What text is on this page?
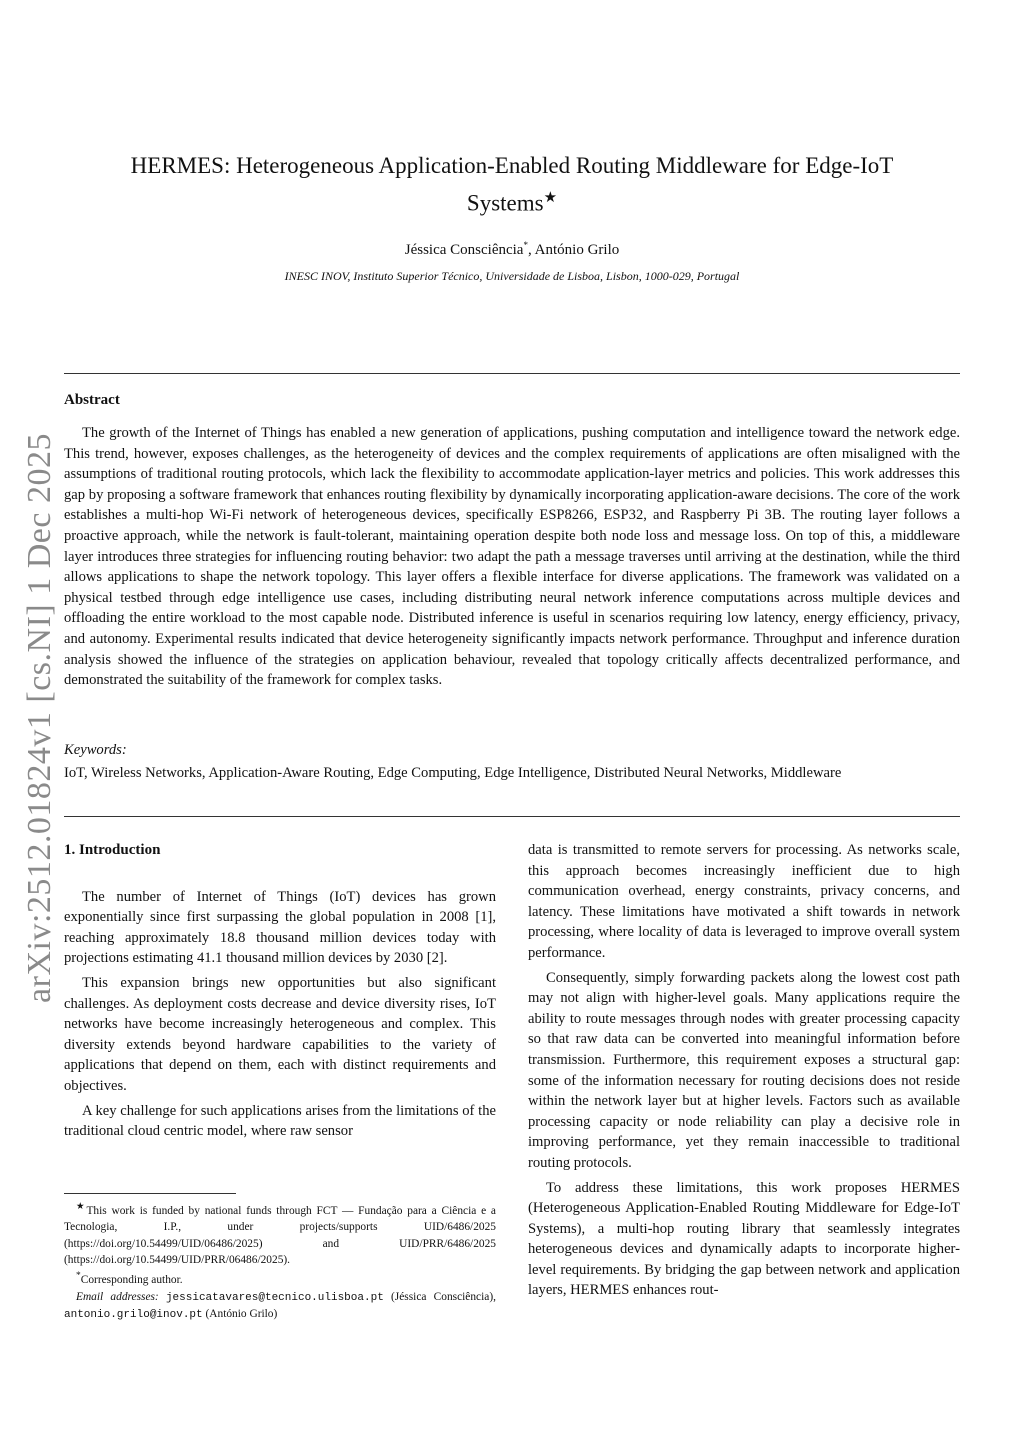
arXiv:2512.01824v1 [cs.NI] 1 Dec 2025
HERMES: Heterogeneous Application-Enabled Routing Middleware for Edge-IoT
Systems★
Jéssica Consciência*, António Grilo
INESC INOV, Instituto Superior Técnico, Universidade de Lisboa, Lisbon, 1000-029, Portugal
Abstract

The growth of the Internet of Things has enabled a new generation of applications, pushing computation and intelligence toward the network edge. This trend, however, exposes challenges, as the heterogeneity of devices and the complex requirements of applications are often misaligned with the assumptions of traditional routing protocols, which lack the flexibility to accommodate application-layer metrics and policies. This work addresses this gap by proposing a software framework that enhances routing flexibility by dynamically incorporating application-aware decisions. The core of the work establishes a multi-hop Wi-Fi network of heterogeneous devices, specifically ESP8266, ESP32, and Raspberry Pi 3B. The routing layer follows a proactive approach, while the network is fault-tolerant, maintaining operation despite both node loss and message loss. On top of this, a middleware layer introduces three strategies for influencing routing behavior: two adapt the path a message traverses until arriving at the destination, while the third allows applications to shape the network topology. This layer offers a flexible interface for diverse applications. The framework was validated on a physical testbed through edge intelligence use cases, including distributing neural network inference computations across multiple devices and offloading the entire workload to the most capable node. Distributed inference is useful in scenarios requiring low latency, energy efficiency, privacy, and autonomy. Experimental results indicated that device heterogeneity significantly impacts network performance. Throughput and inference duration analysis showed the influence of the strategies on application behaviour, revealed that topology critically affects decentralized performance, and demonstrated the suitability of the framework for complex tasks.

Keywords:

IoT, Wireless Networks, Application-Aware Routing, Edge Computing, Edge Intelligence, Distributed Neural Networks, Middleware

1. Introduction

The number of Internet of Things (IoT) devices has grown exponentially since first surpassing the global population in 2008 [1], reaching approximately 18.8 thousand million devices today with projections estimating 41.1 thousand million devices by 2030 [2].

This expansion brings new opportunities but also significant challenges. As deployment costs decrease and device diversity rises, IoT networks have become increasingly heterogeneous and complex. This diversity extends beyond hardware capabilities to the variety of applications that depend on them, each with distinct requirements and objectives.

A key challenge for such applications arises from the limitations of the traditional cloud centric model, where raw sensor

data is transmitted to remote servers for processing. As networks scale, this approach becomes increasingly inefficient due to high communication overhead, energy constraints, privacy concerns, and latency. These limitations have motivated a shift towards in network processing, where locality of data is leveraged to improve overall system performance.

Consequently, simply forwarding packets along the lowest cost path may not align with higher-level goals. Many applications require the ability to route messages through nodes with greater processing capacity so that raw data can be converted into meaningful information before transmission. Furthermore, this requirement exposes a structural gap: some of the information necessary for routing decisions does not reside within the network layer but at higher levels. Factors such as available processing capacity or node reliability can play a decisive role in improving performance, yet they remain inaccessible to traditional routing protocols.

To address these limitations, this work proposes HERMES (Heterogeneous Application-Enabled Routing Middleware for Edge-IoT Systems), a multi-hop routing library that seamlessly integrates heterogeneous devices and dynamically adapts to incorporate higher-level requirements. By bridging the gap between network and application layers, HERMES enhances rout-

★This work is funded by national funds through FCT — Fundação para a Ciência e a Tecnologia, I.P., under projects/supports UID/6486/2025 (https://doi.org/10.54499/UID/06486/2025) and UID/PRR/6486/2025 (https://doi.org/10.54499/UID/PRR/06486/2025).

*Corresponding author.

Email addresses: jessicatavares@tecnico.ulisboa.pt (Jéssica Consciência), antonio.grilo@inov.pt (António Grilo)
